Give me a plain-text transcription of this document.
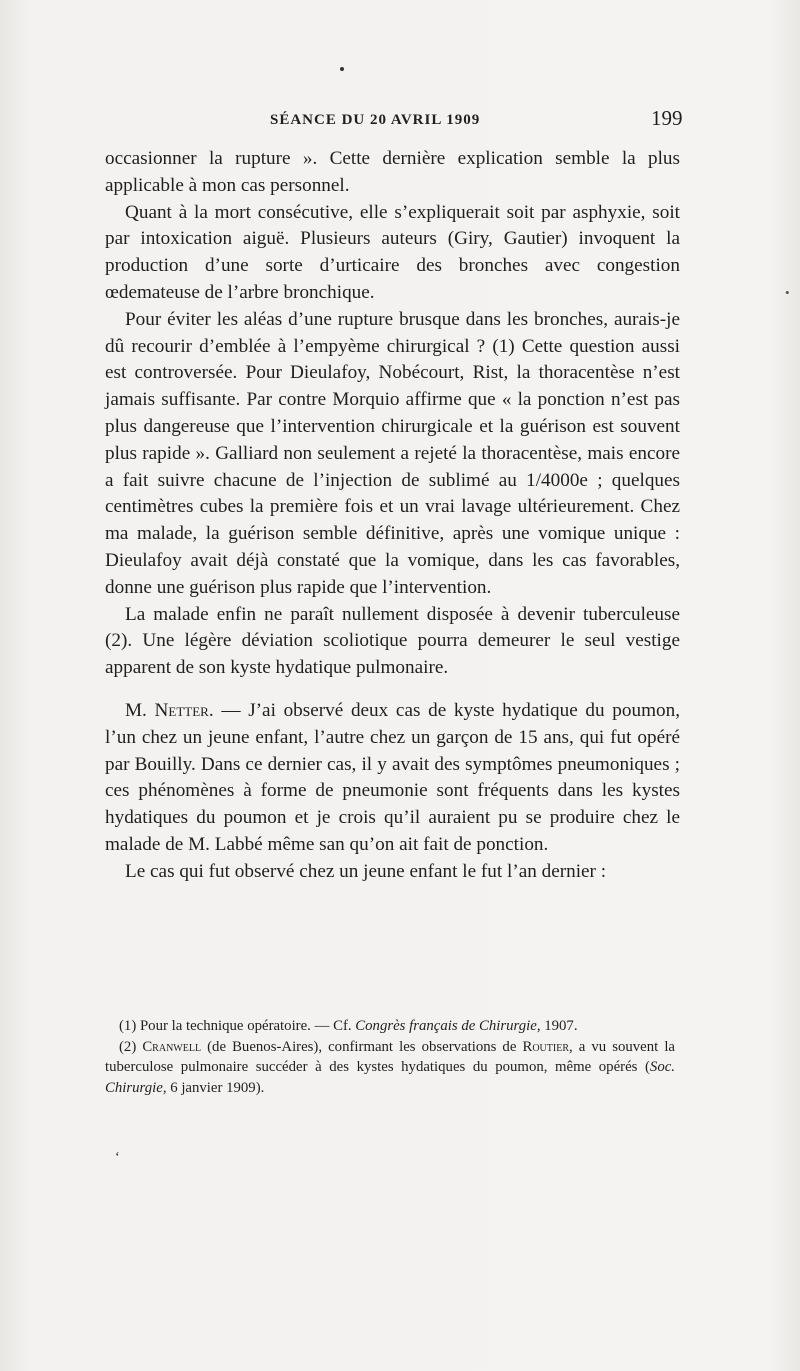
SÉANCE DU 20 AVRIL 1909	199

occasionner la rupture ». Cette dernière explication semble la plus applicable à mon cas personnel.

Quant à la mort consécutive, elle s’expliquerait soit par asphyxie, soit par intoxication aiguë. Plusieurs auteurs (Giry, Gautier) invoquent la production d’une sorte d’urticaire des bronches avec congestion œdemateuse de l’arbre bronchique.

Pour éviter les aléas d’une rupture brusque dans les bronches, aurais-je dû recourir d’emblée à l’empyème chirurgical ? (1) Cette question aussi est controversée. Pour Dieulafoy, Nobécourt, Rist, la thoracentèse n’est jamais suffisante. Par contre Morquio affirme que « la ponction n’est pas plus dangereuse que l’intervention chirurgicale et la guérison est souvent plus rapide ». Galliard non seulement a rejeté la thoracentèse, mais encore a fait suivre chacune de l’injection de sublimé au 1/4000e ; quelques centimètres cubes la première fois et un vrai lavage ultérieurement. Chez ma malade, la guérison semble définitive, après une vomique unique : Dieulafoy avait déjà constaté que la vomique, dans les cas favorables, donne une guérison plus rapide que l’intervention.

La malade enfin ne paraît nullement disposée à devenir tuberculeuse (2). Une légère déviation scoliotique pourra demeurer le seul vestige apparent de son kyste hydatique pulmonaire.

M. Netter. — J’ai observé deux cas de kyste hydatique du poumon, l’un chez un jeune enfant, l’autre chez un garçon de 15 ans, qui fut opéré par Bouilly. Dans ce dernier cas, il y avait des symptômes pneumoniques ; ces phénomènes à forme de pneumonie sont fréquents dans les kystes hydatiques du poumon et je crois qu’il auraient pu se produire chez le malade de M. Labbé même san qu’on ait fait de ponction.

Le cas qui fut observé chez un jeune enfant le fut l’an dernier :

(1) Pour la technique opératoire. — Cf. Congrès français de Chirurgie, 1907.

(2) Cranwell (de Buenos-Aires), confirmant les observations de Routier, a vu souvent la tuberculose pulmonaire succéder à des kystes hydatiques du poumon, même opérés (Soc. Chirurgie, 6 janvier 1909).

‘
•
